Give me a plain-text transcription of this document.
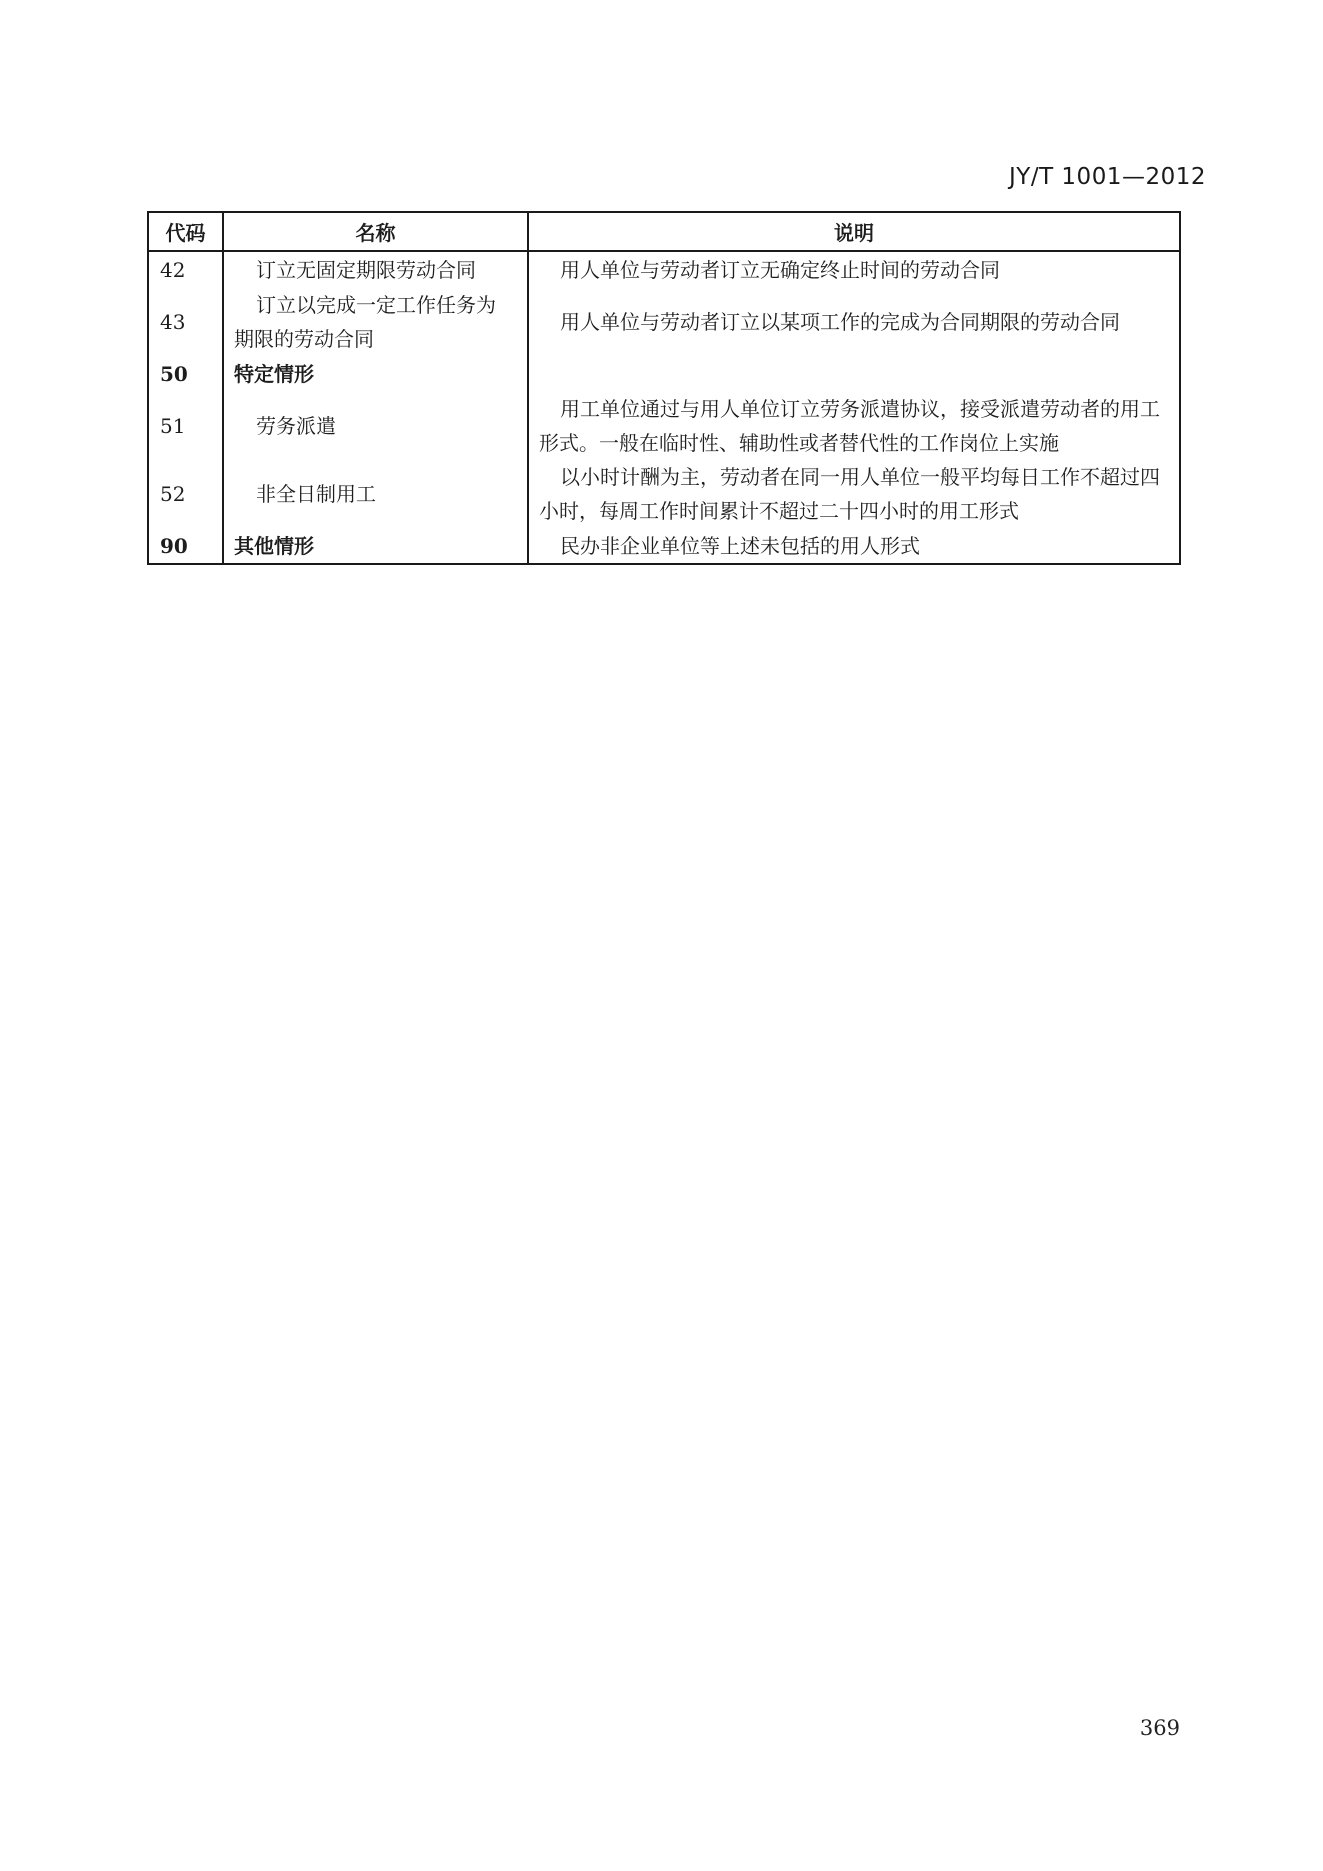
JY/T 1001—2012
代码	名称	说明
42	订立无固定期限劳动合同	用人单位与劳动者订立无确定终止时间的劳动合同
43	订立以完成一定工作任务为期限的劳动合同	用人单位与劳动者订立以某项工作的完成为合同期限的劳动合同
50	特定情形	
51	劳务派遣	用工单位通过与用人单位订立劳务派遣协议，接受派遣劳动者的用工形式。一般在临时性、辅助性或者替代性的工作岗位上实施
52	非全日制用工	以小时计酬为主，劳动者在同一用人单位一般平均每日工作不超过四小时，每周工作时间累计不超过二十四小时的用工形式
90	其他情形	民办非企业单位等上述未包括的用人形式
369
